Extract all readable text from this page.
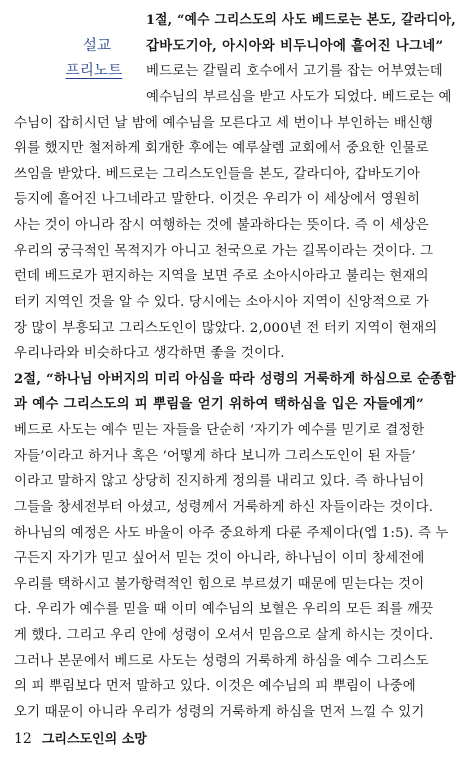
설교
프리노트
1절, “예수 그리스도의 사도 베드로는 본도, 갈라디아,
갑바도기아, 아시아와 비두니아에 흩어진 나그네”
베드로는 갈릴리 호수에서 고기를 잡는 어부였는데
예수님의 부르심을 받고 사도가 되었다. 베드로는 예
수님이 잡히시던 날 밤에 예수님을 모른다고 세 번이나 부인하는 배신행
위를 했지만 철저하게 회개한 후에는 예루살렘 교회에서 중요한 인물로
쓰임을 받았다. 베드로는 그리스도인들을 본도, 갈라디아, 갑바도기아
등지에 흩어진 나그네라고 말한다. 이것은 우리가 이 세상에서 영원히
사는 것이 아니라 잠시 여행하는 것에 불과하다는 뜻이다. 즉 이 세상은
우리의 궁극적인 목적지가 아니고 천국으로 가는 길목이라는 것이다. 그
런데 베드로가 편지하는 지역을 보면 주로 소아시아라고 불리는 현재의
터키 지역인 것을 알 수 있다. 당시에는 소아시아 지역이 신앙적으로 가
장 많이 부흥되고 그리스도인이 많았다. 2,000년 전 터키 지역이 현재의
우리나라와 비슷하다고 생각하면 좋을 것이다.
2절, “하나님 아버지의 미리 아심을 따라 성령의 거룩하게 하심으로 순종함
과 예수 그리스도의 피 뿌림을 얻기 위하여 택하심을 입은 자들에게”
베드로 사도는 예수 믿는 자들을 단순히 ‘자기가 예수를 믿기로 결정한
자들’이라고 하거나 혹은 ‘어떻게 하다 보니까 그리스도인이 된 자들’
이라고 말하지 않고 상당히 진지하게 정의를 내리고 있다. 즉 하나님이
그들을 창세전부터 아셨고, 성령께서 거룩하게 하신 자들이라는 것이다.
하나님의 예정은 사도 바울이 아주 중요하게 다룬 주제이다(엡 1:5). 즉 누
구든지 자기가 믿고 싶어서 믿는 것이 아니라, 하나님이 이미 창세전에
우리를 택하시고 불가항력적인 힘으로 부르셨기 때문에 믿는다는 것이
다. 우리가 예수를 믿을 때 이미 예수님의 보혈은 우리의 모든 죄를 깨끗
게 했다. 그리고 우리 안에 성령이 오셔서 믿음으로 살게 하시는 것이다.
그러나 본문에서 베드로 사도는 성령의 거룩하게 하심을 예수 그리스도
의 피 뿌림보다 먼저 말하고 있다. 이것은 예수님의 피 뿌림이 나중에
오기 때문이 아니라 우리가 성령의 거룩하게 하심을 먼저 느낄 수 있기
12 그리스도인의 소망
